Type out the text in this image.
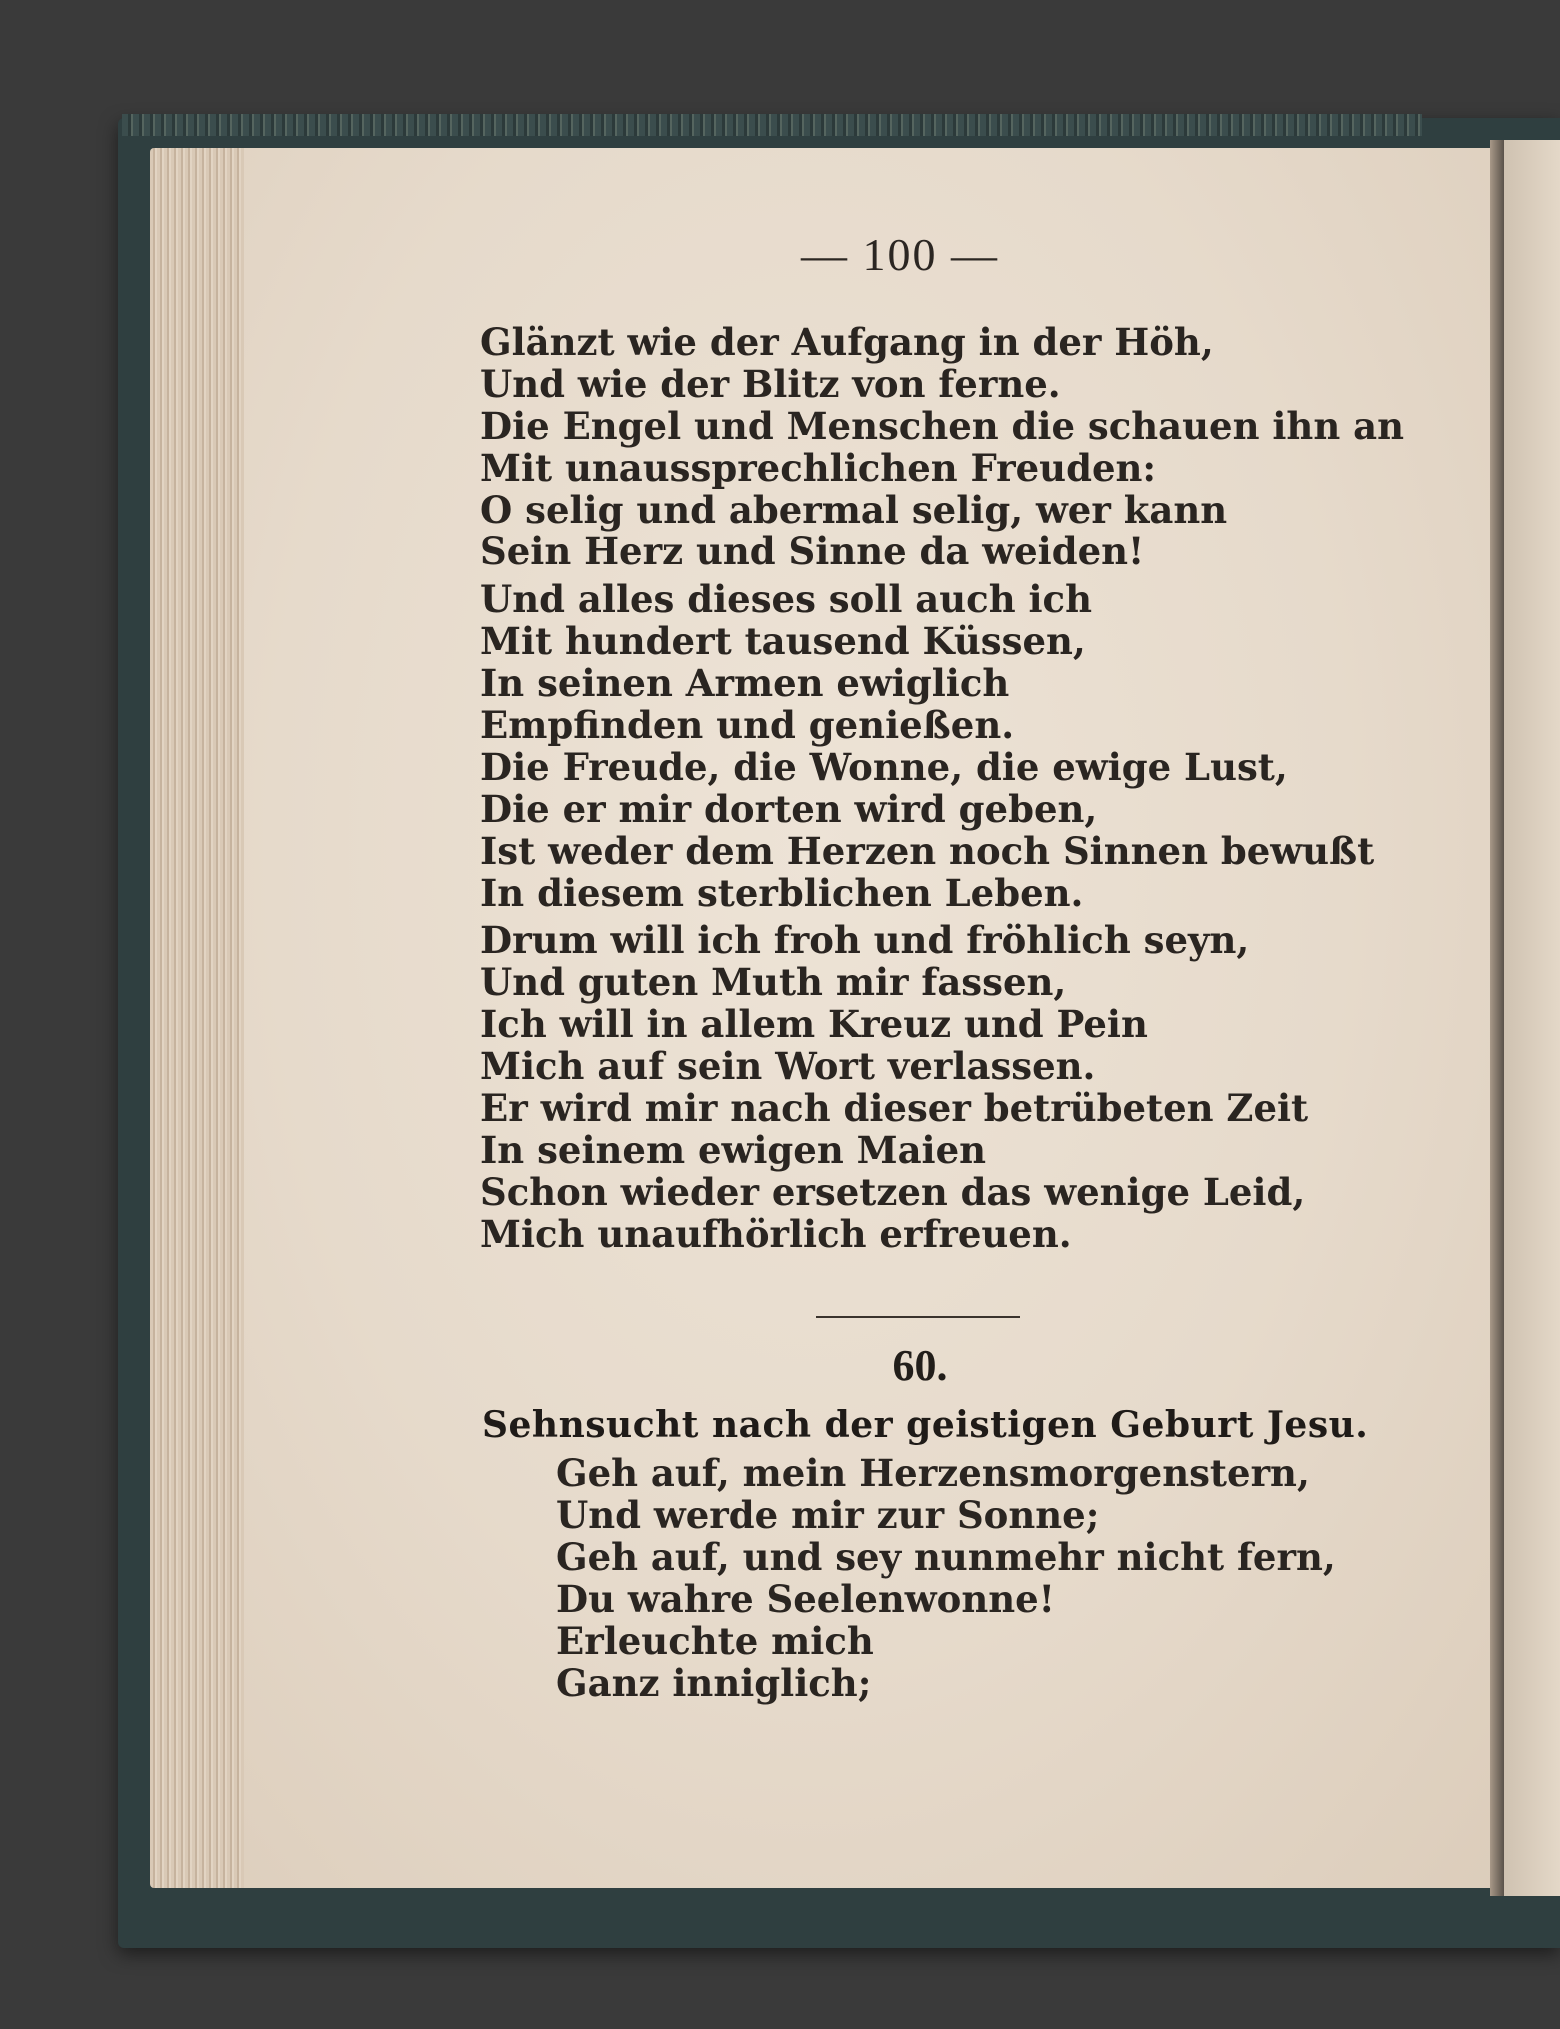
— 100 —
Glänzt wie der Aufgang in der Höh,
Und wie der Blitz von ferne.
Die Engel und Menschen die schauen ihn an
Mit unaussprechlichen Freuden:
O selig und abermal selig, wer kann
Sein Herz und Sinne da weiden!
Und alles dieses soll auch ich
Mit hundert tausend Küssen,
In seinen Armen ewiglich
Empfinden und genießen.
Die Freude, die Wonne, die ewige Lust,
Die er mir dorten wird geben,
Ist weder dem Herzen noch Sinnen bewußt
In diesem sterblichen Leben.
Drum will ich froh und fröhlich seyn,
Und guten Muth mir fassen,
Ich will in allem Kreuz und Pein
Mich auf sein Wort verlassen.
Er wird mir nach dieser betrübeten Zeit
In seinem ewigen Maien
Schon wieder ersetzen das wenige Leid,
Mich unaufhörlich erfreuen.
60.
Sehnsucht nach der geistigen Geburt Jesu.
Geh auf, mein Herzensmorgenstern,
Und werde mir zur Sonne;
Geh auf, und sey nunmehr nicht fern,
Du wahre Seelenwonne!
Erleuchte mich
Ganz inniglich;
